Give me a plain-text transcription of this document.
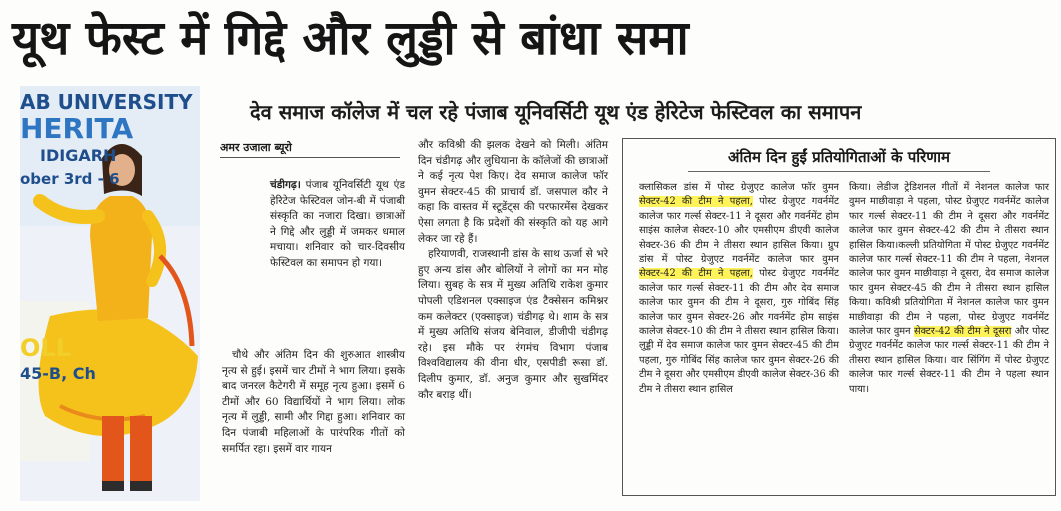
यूथ फेस्ट में गिद्दे और लुड्डी से बांधा समा
AB UNIVERSITY
HERITA
IDIGARH
ober 3rd - 6
OLL
45-B, Ch
देव समाज कॉलेज में चल रहे पंजाब यूनिवर्सिटी यूथ एंड हेरिटेज फेस्टिवल का समापन
अमर उजाला ब्यूरो
चंडीगढ़। पंजाब यूनिवर्सिटी यूथ एंड हेरिटेज फेस्टिवल जोन-बी में पंजाबी संस्कृति का नजारा दिखा। छात्राओं ने गिद्दे और लुड्डी में जमकर धमाल मचाया। शनिवार को चार-दिवसीय फेस्टिवल का समापन हो गया।

चौथे और अंतिम दिन की शुरुआत शास्त्रीय नृत्य से हुई। इसमें चार टीमों ने भाग लिया। इसके बाद जनरल कैटेगरी में समूह नृत्य हुआ। इसमें 6 टीमों और 60 विद्यार्थियों ने भाग लिया। लोक नृत्य में लुड्डी, सामी और गिद्दा हुआ। शनिवार का दिन पंजाबी महिलाओं के पारंपरिक गीतों को समर्पित रहा। इसमें वार गायन

और कविश्री की झलक देखने को मिली। अंतिम दिन चंडीगढ़ और लुधियाना के कॉलेजों की छात्राओं ने कई नृत्य पेश किए। देव समाज कालेज फॉर वुमन सेक्टर-45 की प्राचार्य डॉ. जसपाल कौर ने कहा कि वास्तव में स्टूडेंट्स की परफारमेंस देखकर ऐसा लगता है कि प्रदेशों की संस्कृति को यह आगे लेकर जा रहे हैं।

हरियाणवी, राजस्थानी डांस के साथ ऊर्जा से भरे हुए अन्य डांस और बोलियों ने लोगों का मन मोह लिया। सुबह के सत्र में मुख्य अतिथि राकेश कुमार पोपली एडिशनल एक्साइज एंड टैक्सेसन कमिश्नर कम कलेक्टर (एक्साइज) चंडीगढ़ थे। शाम के सत्र में मुख्य अतिथि संजय बेनिवाल, डीजीपी चंडीगढ़ रहे। इस मौके पर रंगमंच विभाग पंजाब विश्वविद्यालय की वीना धीर, एसपीडी रूसा डॉ. दिलीप कुमार, डॉ. अनुज कुमार और सुखमिंदर कौर बराड़ थीं।

अंतिम दिन हुईं प्रतियोगिताओं के परिणाम
क्लासिकल डांस में पोस्ट ग्रेजुएट कालेज फॉर वुमन सेक्टर-42 की टीम ने पहला, पोस्ट ग्रेजुएट गवर्नमेंट कालेज फार गर्ल्स सेक्टर-11 ने दूसरा और गवर्नमेंट होम साइंस कालेज सेक्टर-10 और एमसीएम डीएवी कालेज सेक्टर-36 की टीम ने तीसरा स्थान हासिल किया। ग्रुप डांस में पोस्ट ग्रेजुएट गवर्नमेंट कालेज फार वुमन सेक्टर-42 की टीम ने पहला, पोस्ट ग्रेजुएट गवर्नमेंट कालेज फार गर्ल्स सेक्टर-11 की टीम और देव समाज कालेज फार वुमन की टीम ने दूसरा, गुरु गोबिंद सिंह कालेज फार वुमन सेक्टर-26 और गवर्नमेंट होम साइंस कालेज सेक्टर-10 की टीम ने तीसरा स्थान हासिल किया। लुड्डी में देव समाज कालेज फार वुमन सेक्टर-45 की टीम पहला, गुरु गोबिंद सिंह कालेज फार वुमन सेक्टर-26 की टीम ने दूसरा और एमसीएम डीएवी कालेज सेक्टर-36 की टीम ने तीसरा स्थान हासिल
किया। लेडीज ट्रेडिशनल गीतों में नेशनल कालेज फार वुमन माछीवाड़ा ने पहला, पोस्ट ग्रेजुएट गवर्नमेंट कालेज फार गर्ल्स सेक्टर-11 की टीम ने दूसरा और गवर्नमेंट कालेज फार वुमन सेक्टर-42 की टीम ने तीसरा स्थान हासिल किया।कल्ली प्रतियोगिता में पोस्ट ग्रेजुएट गवर्नमेंट कालेज फार गर्ल्स सेक्टर-11 की टीम ने पहला, नेशनल कालेज फार वुमन माछीवाड़ा ने दूसरा, देव समाज कालेज फार वुमन सेक्टर-45 की टीम ने तीसरा स्थान हासिल किया। कविश्री प्रतियोगिता में नेशनल कालेज फार वुमन माछीवाड़ा की टीम ने पहला, पोस्ट ग्रेजुएट गवर्नमेंट कालेज फार वुमन सेक्टर-42 की टीम ने दूसरा और पोस्ट ग्रेजुएट गवर्नमेंट कालेज फार गर्ल्स सेक्टर-11 की टीम ने तीसरा स्थान हासिल किया। वार सिंगिंग में पोस्ट ग्रेजुएट कालेज फार गर्ल्स सेक्टर-11 की टीम ने पहला स्थान पाया।
